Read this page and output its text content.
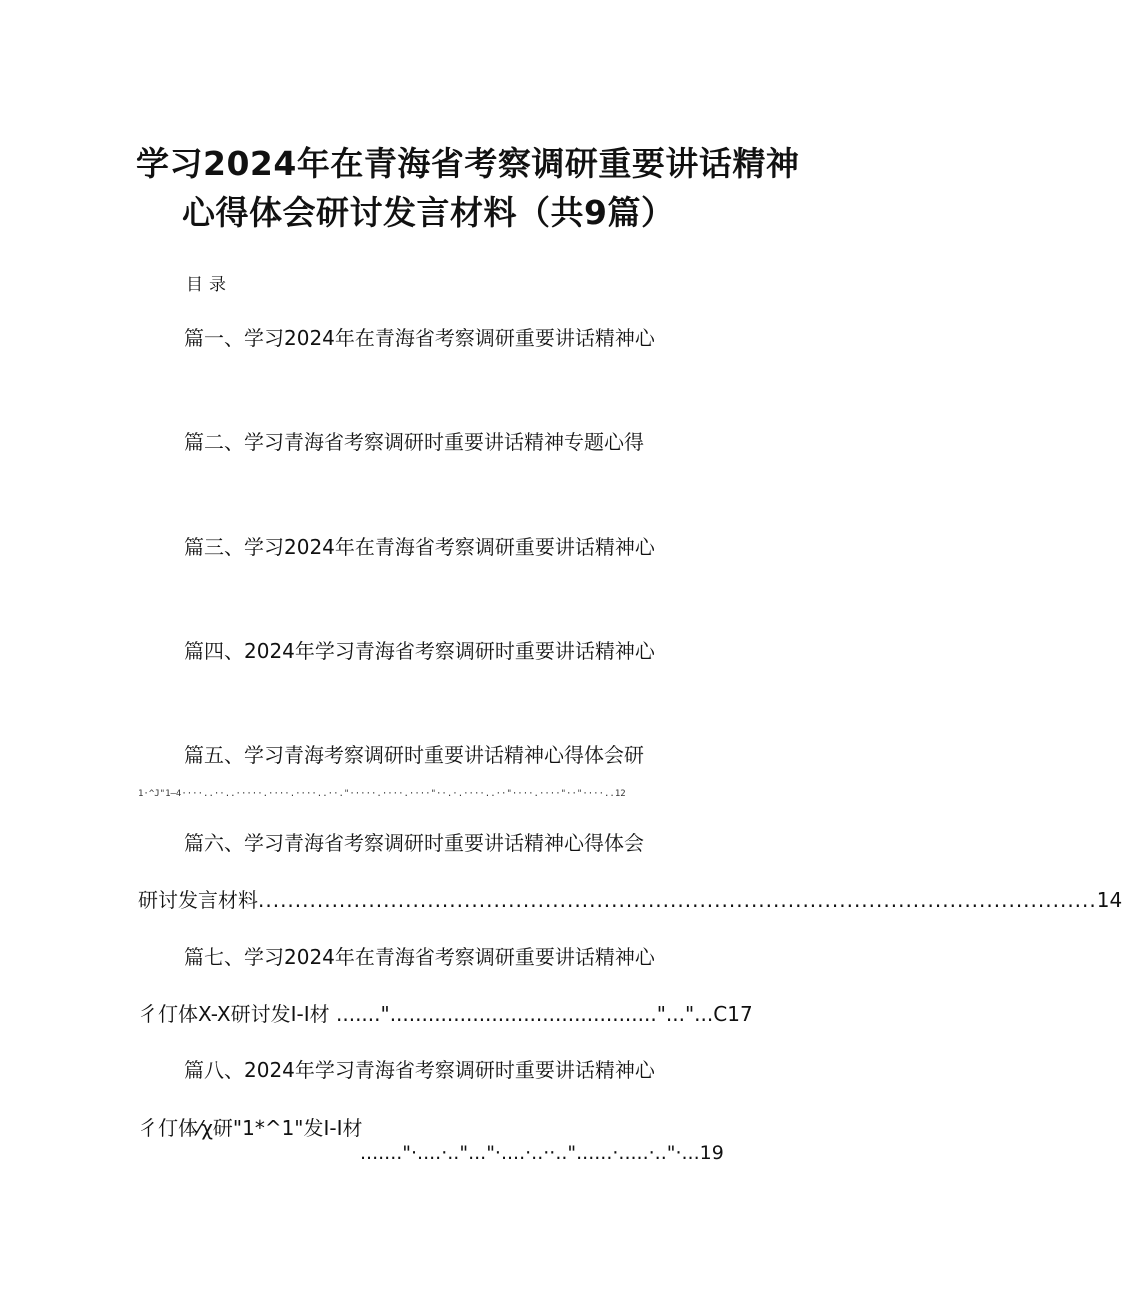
学习2024年在青海省考察调研重要讲话精神
心得体会研讨发言材料（共9篇）
目录
篇一、学习2024年在青海省考察调研重要讲话精神心
篇二、学习青海省考察调研时重要讲话精神专题心得
篇三、学习2024年在青海省考察调研重要讲话精神心
篇四、2024年学习青海省考察调研时重要讲话精神心
篇五、学习青海考察调研时重要讲话精神心得体会研
1·^J"1—4····..··..·····.····.····..··."·····.····.····"··.·.····..··"····.····"··"····..12
篇六、学习青海省考察调研时重要讲话精神心得体会
研讨发言材料 .................................................................................................................. 14
篇七、学习2024年在青海省考察调研重要讲话精神心
彳仃体X-X研讨发I-I材 .......".........................................."..."...C17
篇八、2024年学习青海省考察调研时重要讲话精神心
彳仃体⁄χ研"1*^1"发I-I材
......."·....·.."..."·....·..··.."......·.....·.."·...19
